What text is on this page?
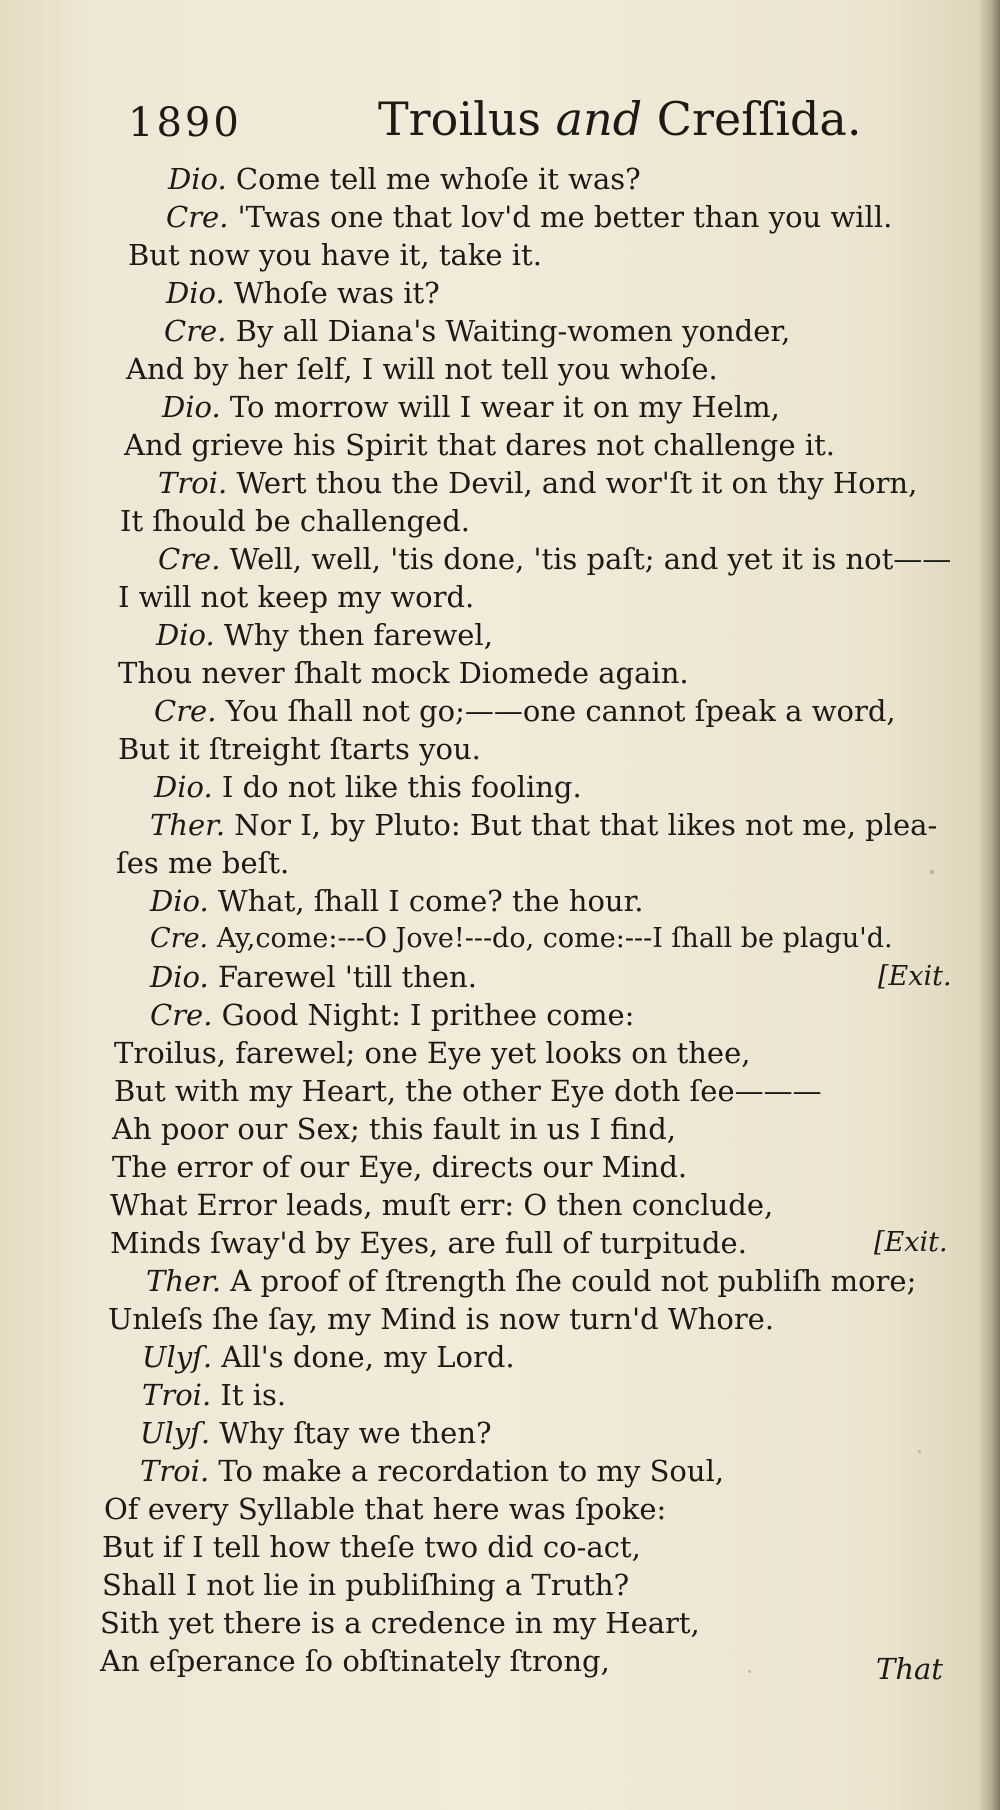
1890	Troilus and Creſſida.
Dio. Come tell me whoſe it was?
Cre. 'Twas one that lov'd me better than you will.
But now you have it, take it.
Dio. Whoſe was it?
Cre. By all Diana's Waiting-women yonder,
And by her ſelf, I will not tell you whoſe.
Dio. To morrow will I wear it on my Helm,
And grieve his Spirit that dares not challenge it.
Troi. Wert thou the Devil, and wor'ſt it on thy Horn,
It ſhould be challenged.
Cre. Well, well, 'tis done, 'tis paſt; and yet it is not——
I will not keep my word.
Dio. Why then farewel,
Thou never ſhalt mock Diomede again.
Cre. You ſhall not go;——one cannot ſpeak a word,
But it ſtreight ſtarts you.
Dio. I do not like this fooling.
Ther. Nor I, by Pluto: But that that likes not me, plea-
ſes me beſt.
Dio. What, ſhall I come? the hour.
Cre. Ay,come:---O Jove!---do, come:---I ſhall be plagu'd.
Dio. Farewel 'till then.	[Exit.
Cre. Good Night: I prithee come:
Troilus, farewel; one Eye yet looks on thee,
But with my Heart, the other Eye doth ſee———
Ah poor our Sex; this fault in us I find,
The error of our Eye, directs our Mind.
What Error leads, muſt err: O then conclude,
Minds ſway'd by Eyes, are full of turpitude.	[Exit.
Ther. A proof of ſtrength ſhe could not publiſh more;
Unleſs ſhe ſay, my Mind is now turn'd Whore.
Ulyſ. All's done, my Lord.
Troi. It is.
Ulyſ. Why ſtay we then?
Troi. To make a recordation to my Soul,
Of every Syllable that here was ſpoke:
But if I tell how theſe two did co-act,
Shall I not lie in publiſhing a Truth?
Sith yet there is a credence in my Heart,
An eſperance ſo obſtinately ſtrong,	That
